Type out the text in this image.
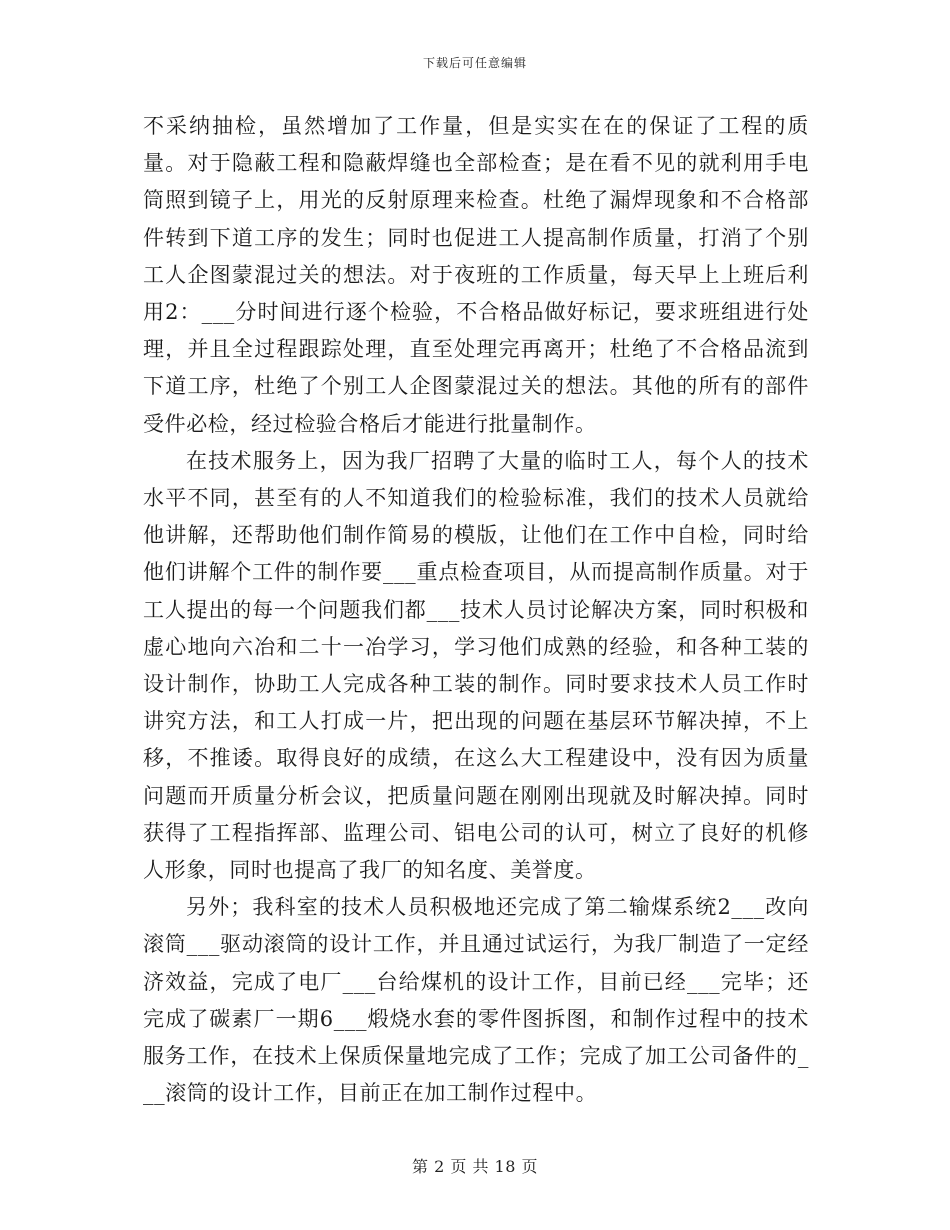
下载后可任意编辑

不采纳抽检，虽然增加了工作量，但是实实在在的保证了工程的质量。对于隐蔽工程和隐蔽焊缝也全部检查；是在看不见的就利用手电筒照到镜子上，用光的反射原理来检查。杜绝了漏焊现象和不合格部件转到下道工序的发生；同时也促进工人提高制作质量，打消了个别工人企图蒙混过关的想法。对于夜班的工作质量，每天早上上班后利用2：___分时间进行逐个检验，不合格品做好标记，要求班组进行处理，并且全过程跟踪处理，直至处理完再离开；杜绝了不合格品流到下道工序，杜绝了个别工人企图蒙混过关的想法。其他的所有的部件受件必检，经过检验合格后才能进行批量制作。

在技术服务上，因为我厂招聘了大量的临时工人，每个人的技术水平不同，甚至有的人不知道我们的检验标准，我们的技术人员就给他讲解，还帮助他们制作简易的模版，让他们在工作中自检，同时给他们讲解个工件的制作要___重点检查项目，从而提高制作质量。对于工人提出的每一个问题我们都___技术人员讨论解决方案，同时积极和虚心地向六冶和二十一冶学习，学习他们成熟的经验，和各种工装的设计制作，协助工人完成各种工装的制作。同时要求技术人员工作时讲究方法，和工人打成一片，把出现的问题在基层环节解决掉，不上移，不推诿。取得良好的成绩，在这么大工程建设中，没有因为质量问题而开质量分析会议，把质量问题在刚刚出现就及时解决掉。同时获得了工程指挥部、监理公司、铝电公司的认可，树立了良好的机修人形象，同时也提高了我厂的知名度、美誉度。

另外；我科室的技术人员积极地还完成了第二输煤系统2___改向滚筒___驱动滚筒的设计工作，并且通过试运行，为我厂制造了一定经济效益，完成了电厂___台给煤机的设计工作，目前已经___完毕；还完成了碳素厂一期6___煅烧水套的零件图拆图，和制作过程中的技术服务工作，在技术上保质保量地完成了工作；完成了加工公司备件的___滚筒的设计工作，目前正在加工制作过程中。

第 2 页 共 18 页
